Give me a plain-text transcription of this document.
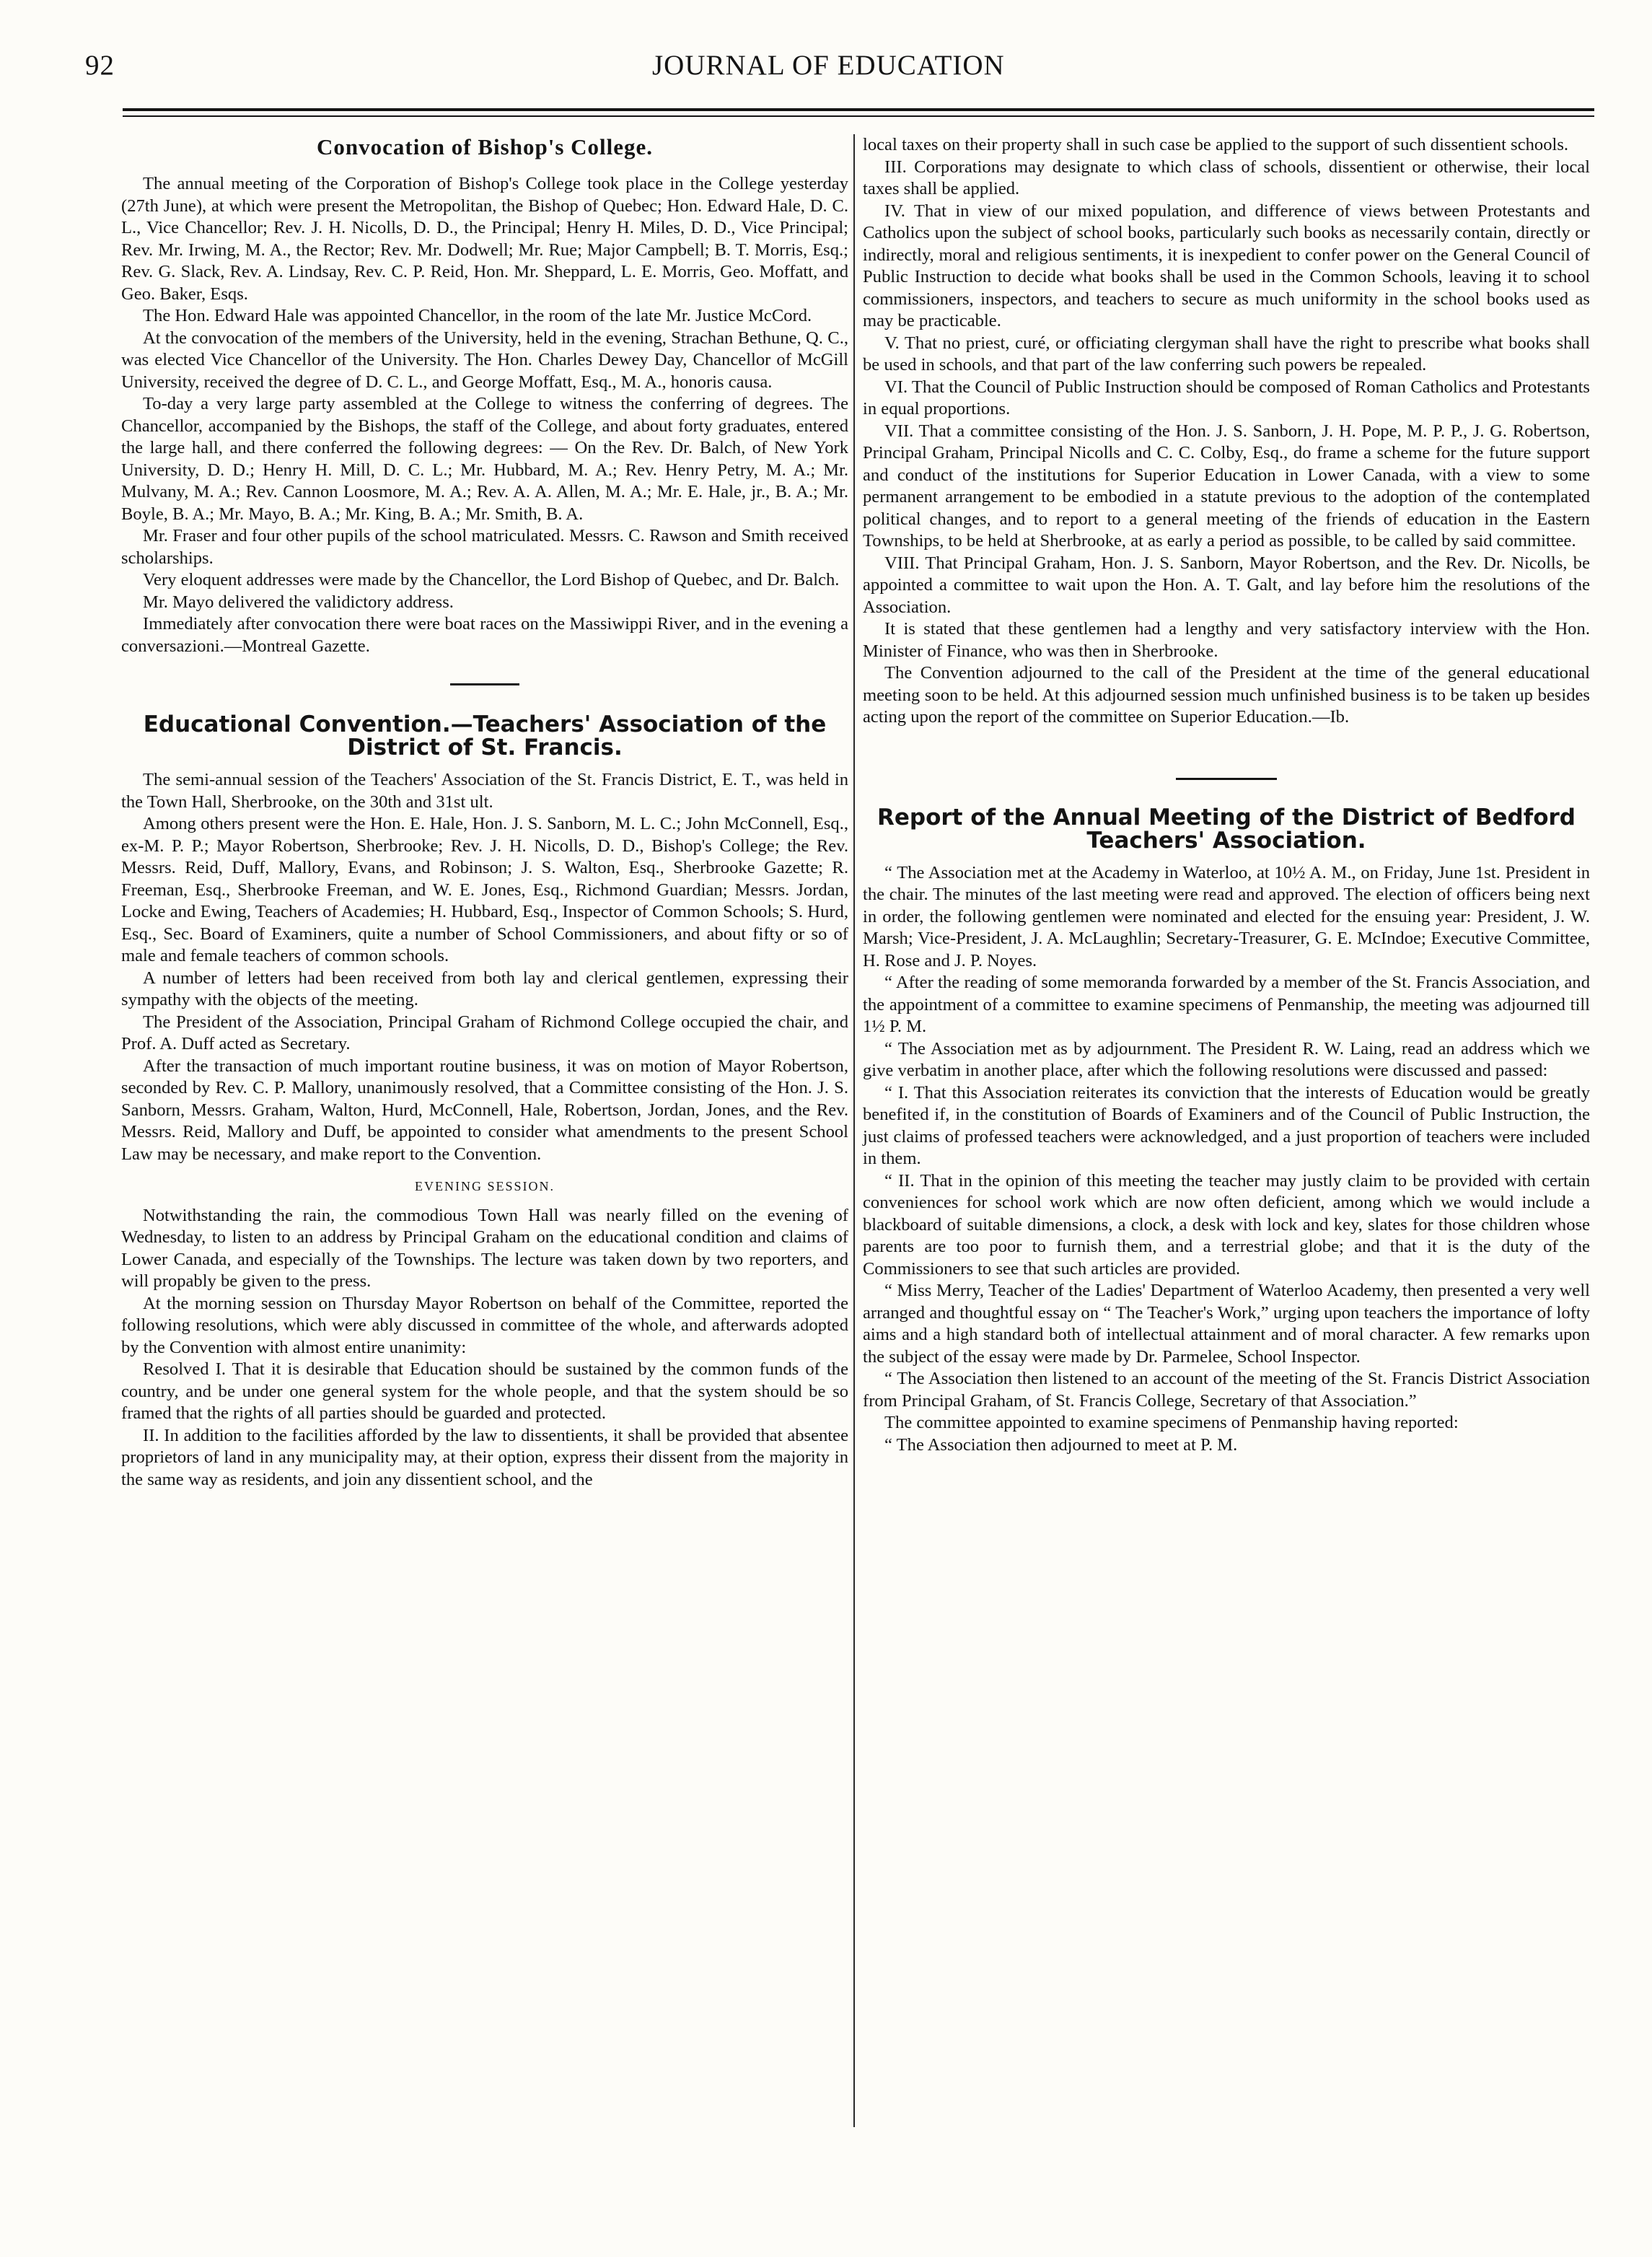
92	JOURNAL OF EDUCATION
Convocation of Bishop's College.

The annual meeting of the Corporation of Bishop's College took place in the College yesterday (27th June), at which were present the Metropolitan, the Bishop of Quebec; Hon. Edward Hale, D. C. L., Vice Chancellor; Rev. J. H. Nicolls, D. D., the Principal; Henry H. Miles, D. D., Vice Principal; Rev. Mr. Irwing, M. A., the Rector; Rev. Mr. Dodwell; Mr. Rue; Major Campbell; B. T. Morris, Esq.; Rev. G. Slack, Rev. A. Lindsay, Rev. C. P. Reid, Hon. Mr. Sheppard, L. E. Morris, Geo. Moffatt, and Geo. Baker, Esqs.

The Hon. Edward Hale was appointed Chancellor, in the room of the late Mr. Justice McCord.

At the convocation of the members of the University, held in the evening, Strachan Bethune, Q. C., was elected Vice Chancellor of the University. The Hon. Charles Dewey Day, Chancellor of McGill University, received the degree of D. C. L., and George Moffatt, Esq., M. A., honoris causa.

To-day a very large party assembled at the College to witness the conferring of degrees. The Chancellor, accompanied by the Bishops, the staff of the College, and about forty graduates, entered the large hall, and there conferred the following degrees: — On the Rev. Dr. Balch, of New York University, D. D.; Henry H. Mill, D. C. L.; Mr. Hubbard, M. A.; Rev. Henry Petry, M. A.; Mr. Mulvany, M. A.; Rev. Cannon Loosmore, M. A.; Rev. A. A. Allen, M. A.; Mr. E. Hale, jr., B. A.; Mr. Boyle, B. A.; Mr. Mayo, B. A.; Mr. King, B. A.; Mr. Smith, B. A.

Mr. Fraser and four other pupils of the school matriculated. Messrs. C. Rawson and Smith received scholarships.

Very eloquent addresses were made by the Chancellor, the Lord Bishop of Quebec, and Dr. Balch.

Mr. Mayo delivered the validictory address.

Immediately after convocation there were boat races on the Massiwippi River, and in the evening a conversazioni.—Montreal Gazette.

Educational Convention.—Teachers' Association of the District of St. Francis.

The semi-annual session of the Teachers' Association of the St. Francis District, E. T., was held in the Town Hall, Sherbrooke, on the 30th and 31st ult.

Among others present were the Hon. E. Hale, Hon. J. S. Sanborn, M. L. C.; John McConnell, Esq., ex-M. P. P.; Mayor Robertson, Sherbrooke; Rev. J. H. Nicolls, D. D., Bishop's College; the Rev. Messrs. Reid, Duff, Mallory, Evans, and Robinson; J. S. Walton, Esq., Sherbrooke Gazette; R. Freeman, Esq., Sherbrooke Freeman, and W. E. Jones, Esq., Richmond Guardian; Messrs. Jordan, Locke and Ewing, Teachers of Academies; H. Hubbard, Esq., Inspector of Common Schools; S. Hurd, Esq., Sec. Board of Examiners, quite a number of School Commissioners, and about fifty or so of male and female teachers of common schools.

A number of letters had been received from both lay and clerical gentlemen, expressing their sympathy with the objects of the meeting.

The President of the Association, Principal Graham of Richmond College occupied the chair, and Prof. A. Duff acted as Secretary.

After the transaction of much important routine business, it was on motion of Mayor Robertson, seconded by Rev. C. P. Mallory, unanimously resolved, that a Committee consisting of the Hon. J. S. Sanborn, Messrs. Graham, Walton, Hurd, McConnell, Hale, Robertson, Jordan, Jones, and the Rev. Messrs. Reid, Mallory and Duff, be appointed to consider what amendments to the present School Law may be necessary, and make report to the Convention.

EVENING SESSION.

Notwithstanding the rain, the commodious Town Hall was nearly filled on the evening of Wednesday, to listen to an address by Principal Graham on the educational condition and claims of Lower Canada, and especially of the Townships. The lecture was taken down by two reporters, and will propably be given to the press.

At the morning session on Thursday Mayor Robertson on behalf of the Committee, reported the following resolutions, which were ably discussed in committee of the whole, and afterwards adopted by the Convention with almost entire unanimity:

Resolved I. That it is desirable that Education should be sustained by the common funds of the country, and be under one general system for the whole people, and that the system should be so framed that the rights of all parties should be guarded and protected.

II. In addition to the facilities afforded by the law to dissentients, it shall be provided that absentee proprietors of land in any municipality may, at their option, express their dissent from the majority in the same way as residents, and join any dissentient school, and the

local taxes on their property shall in such case be applied to the support of such dissentient schools.

III. Corporations may designate to which class of schools, dissentient or otherwise, their local taxes shall be applied.

IV. That in view of our mixed population, and difference of views between Protestants and Catholics upon the subject of school books, particularly such books as necessarily contain, directly or indirectly, moral and religious sentiments, it is inexpedient to confer power on the General Council of Public Instruction to decide what books shall be used in the Common Schools, leaving it to school commissioners, inspectors, and teachers to secure as much uniformity in the school books used as may be practicable.

V. That no priest, curé, or officiating clergyman shall have the right to prescribe what books shall be used in schools, and that part of the law conferring such powers be repealed.

VI. That the Council of Public Instruction should be composed of Roman Catholics and Protestants in equal proportions.

VII. That a committee consisting of the Hon. J. S. Sanborn, J. H. Pope, M. P. P., J. G. Robertson, Principal Graham, Principal Nicolls and C. C. Colby, Esq., do frame a scheme for the future support and conduct of the institutions for Superior Education in Lower Canada, with a view to some permanent arrangement to be embodied in a statute previous to the adoption of the contemplated political changes, and to report to a general meeting of the friends of education in the Eastern Townships, to be held at Sherbrooke, at as early a period as possible, to be called by said committee.

VIII. That Principal Graham, Hon. J. S. Sanborn, Mayor Robertson, and the Rev. Dr. Nicolls, be appointed a committee to wait upon the Hon. A. T. Galt, and lay before him the resolutions of the Association.

It is stated that these gentlemen had a lengthy and very satisfactory interview with the Hon. Minister of Finance, who was then in Sherbrooke.

The Convention adjourned to the call of the President at the time of the general educational meeting soon to be held. At this adjourned session much unfinished business is to be taken up besides acting upon the report of the committee on Superior Education.—Ib.

Report of the Annual Meeting of the District of Bedford Teachers' Association.

“ The Association met at the Academy in Waterloo, at 10½ A. M., on Friday, June 1st. President in the chair. The minutes of the last meeting were read and approved. The election of officers being next in order, the following gentlemen were nominated and elected for the ensuing year: President, J. W. Marsh; Vice-President, J. A. McLaughlin; Secretary-Treasurer, G. E. McIndoe; Executive Committee, H. Rose and J. P. Noyes.

“ After the reading of some memoranda forwarded by a member of the St. Francis Association, and the appointment of a committee to examine specimens of Penmanship, the meeting was adjourned till 1½ P. M.

“ The Association met as by adjournment. The President R. W. Laing, read an address which we give verbatim in another place, after which the following resolutions were discussed and passed:

“ I. That this Association reiterates its conviction that the interests of Education would be greatly benefited if, in the constitution of Boards of Examiners and of the Council of Public Instruction, the just claims of professed teachers were acknowledged, and a just proportion of teachers were included in them.

“ II. That in the opinion of this meeting the teacher may justly claim to be provided with certain conveniences for school work which are now often deficient, among which we would include a blackboard of suitable dimensions, a clock, a desk with lock and key, slates for those children whose parents are too poor to furnish them, and a terrestrial globe; and that it is the duty of the Commissioners to see that such articles are provided.

“ Miss Merry, Teacher of the Ladies' Department of Waterloo Academy, then presented a very well arranged and thoughtful essay on “ The Teacher's Work,” urging upon teachers the importance of lofty aims and a high standard both of intellectual attainment and of moral character. A few remarks upon the subject of the essay were made by Dr. Parmelee, School Inspector.

“ The Association then listened to an account of the meeting of the St. Francis District Association from Principal Graham, of St. Francis College, Secretary of that Association.”

The committee appointed to examine specimens of Penmanship having reported:

“ The Association then adjourned to meet at P. M.
